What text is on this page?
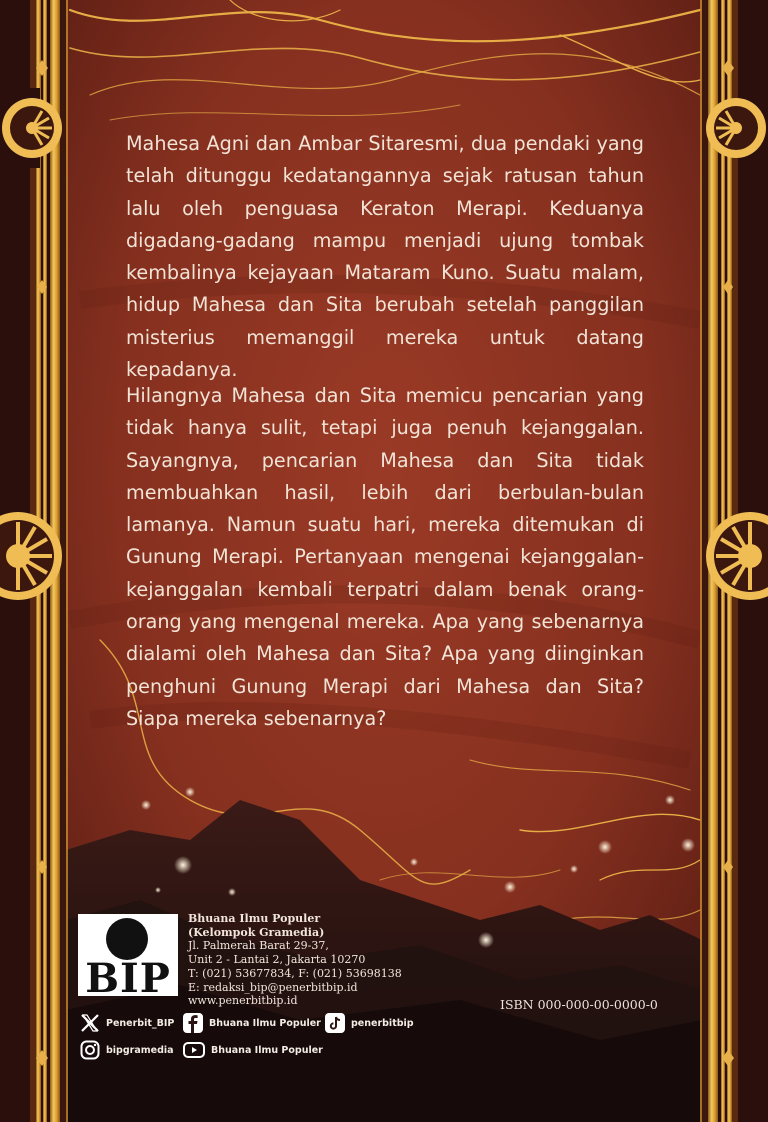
Mahesa Agni dan Ambar Sitaresmi, dua pendaki yang telah ditunggu kedatangannya sejak ratusan tahun lalu oleh penguasa Keraton Merapi. Keduanya digadang-gadang mampu menjadi ujung tombak kembalinya kejayaan Mataram Kuno. Suatu malam, hidup Mahesa dan Sita berubah setelah panggilan misterius memanggil mereka untuk datang kepadanya.

Hilangnya Mahesa dan Sita memicu pencarian yang tidak hanya sulit, tetapi juga penuh kejanggalan. Sayangnya, pencarian Mahesa dan Sita tidak membuahkan hasil, lebih dari berbulan-bulan lamanya. Namun suatu hari, mereka ditemukan di Gunung Merapi. Pertanyaan mengenai kejanggalan-kejanggalan kembali terpatri dalam benak orang-orang yang mengenal mereka. Apa yang sebenarnya dialami oleh Mahesa dan Sita? Apa yang diinginkan penghuni Gunung Merapi dari Mahesa dan Sita? Siapa mereka sebenarnya?

BIP
Bhuana Ilmu Populer
(Kelompok Gramedia)
Jl. Palmerah Barat 29-37,
Unit 2 - Lantai 2, Jakarta 10270
T: (021) 53677834, F: (021) 53698138
E: redaksi_bip@penerbitbip.id
www.penerbitbip.id	ISBN 000-000-00-0000-0
Penerbit_BIP	Bhuana Ilmu Populer	penerbitbip
bipgramedia	Bhuana Ilmu Populer
